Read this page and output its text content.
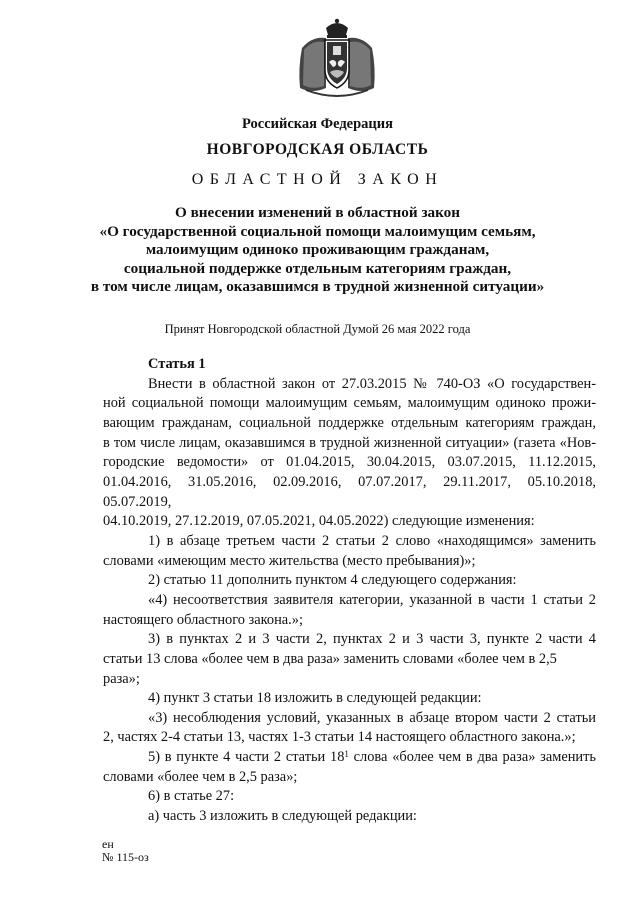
Российская Федерация
НОВГОРОДСКАЯ ОБЛАСТЬ
ОБЛАСТНОЙ ЗАКОН
О внесении изменений в областной закон
«О государственной социальной помощи малоимущим семьям,
малоимущим одиноко проживающим гражданам,
социальной поддержке отдельным категориям граждан,
в том числе лицам, оказавшимся в трудной жизненной ситуации»
Принят Новгородской областной Думой 26 мая 2022 года

Статья 1

Внести в областной закон от 27.03.2015 № 740-ОЗ «О государствен-

ной социальной помощи малоимущим семьям, малоимущим одиноко прожи-

вающим гражданам, социальной поддержке отдельным категориям граждан,

в том числе лицам, оказавшимся в трудной жизненной ситуации» (газета «Нов-

городские ведомости» от 01.04.2015, 30.04.2015, 03.07.2015, 11.12.2015,

01.04.2016, 31.05.2016, 02.09.2016, 07.07.2017, 29.11.2017, 05.10.2018, 05.07.2019,

04.10.2019, 27.12.2019, 07.05.2021, 04.05.2022) следующие изменения:

1) в абзаце третьем части 2 статьи 2 слово «находящимся» заменить

словами «имеющим место жительства (место пребывания)»;

2) статью 11 дополнить пунктом 4 следующего содержания:

«4) несоответствия заявителя категории, указанной в части 1 статьи 2

настоящего областного закона.»;

3) в пунктах 2 и 3 части 2, пунктах 2 и 3 части 3, пункте 2 части 4

статьи 13 слова «более чем в два раза» заменить словами «более чем в 2,5 раза»;

4) пункт 3 статьи 18 изложить в следующей редакции:

«3) несоблюдения условий, указанных в абзаце втором части 2 статьи

2, частях 2-4 статьи 13, частях 1-3 статьи 14 настоящего областного закона.»;

5) в пункте 4 части 2 статьи $18^1$ слова «более чем в два раза» заменить

словами «более чем в 2,5 раза»;

6) в статье 27:

а) часть 3 изложить в следующей редакции:

ен
№ 115-оз
